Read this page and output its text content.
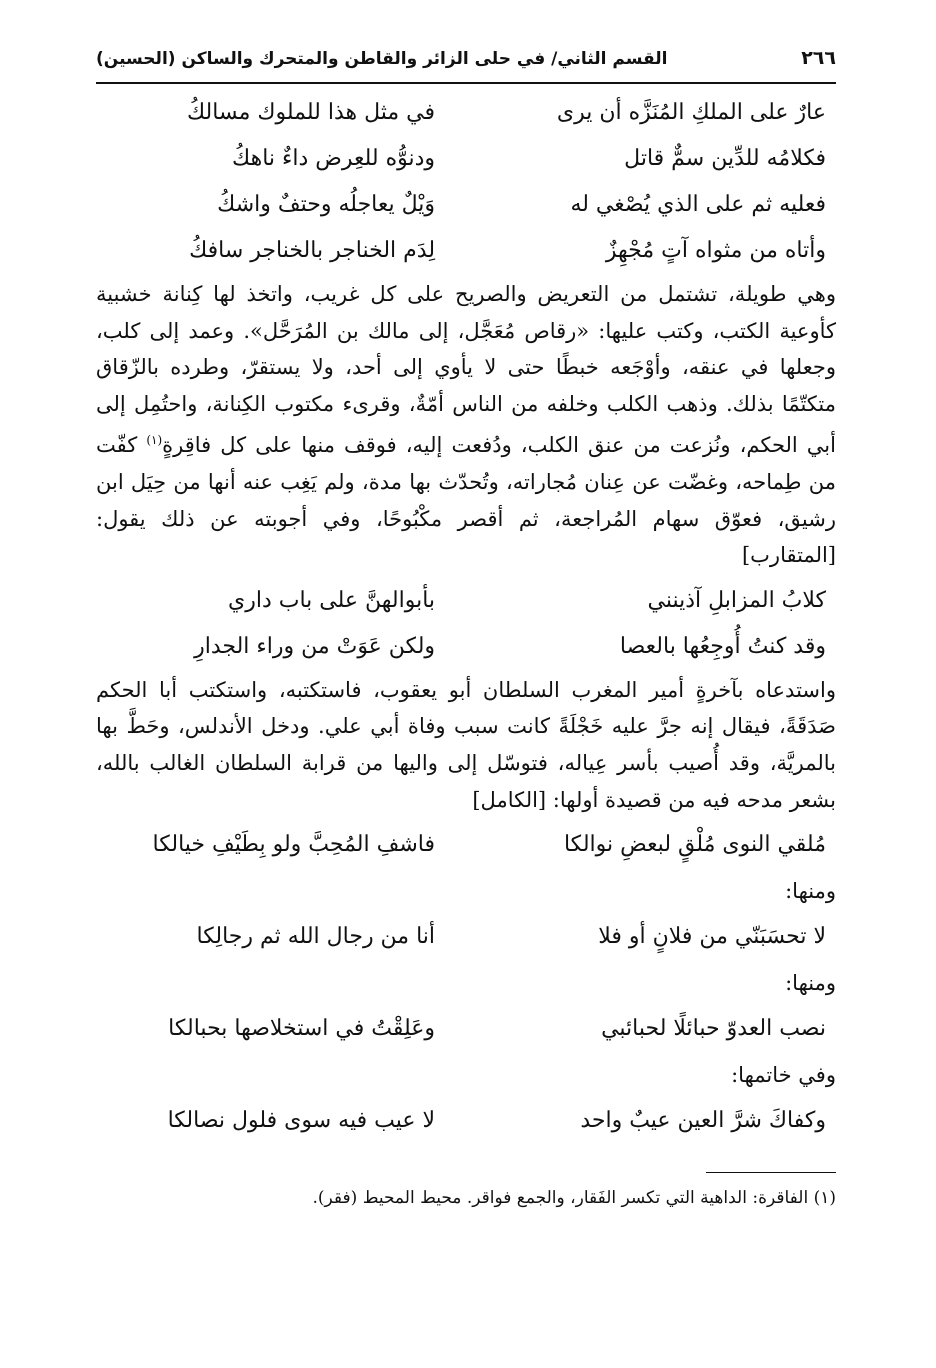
٢٦٦
القسم الثاني/ في حلى الزائر والقاطن والمتحرك والساكن (الحسين)
عارٌ على الملكِ المُنَزَّه أن يرى
في مثل هذا للملوك مسالكُ
فكلامُه للدِّين سمٌّ قاتل
ودنوُّه للعِرض داءٌ ناهكُ
فعليه ثم على الذي يُصْغي له
وَيْلٌ يعاجلُه وحتفٌ واشكُ
وأتاه من مثواه آتٍ مُجْهِزٌ
لِدَم الخناجر بالخناجر سافكُ

وهي طويلة، تشتمل من التعريض والصريح على كل غريب، واتخذ لها كِنانة خشبية كأوعية الكتب، وكتب عليها: «رقاص مُعَجَّل، إلى مالك بن المُرَحَّل». وعمد إلى كلب، وجعلها في عنقه، وأوْجَعه خبطًا حتى لا يأوي إلى أحد، ولا يستقرّ، وطرده بالزّقاق متكتّمًا بذلك. وذهب الكلب وخلفه من الناس أمّةٌ، وقرىء مكتوب الكِنانة، واحتُمِل إلى أبي الحكم، ونُزعت من عنق الكلب، ودُفعت إليه، فوقف منها على كل فاقِرةٍ$^{(١)}$ كفّت من طِماحه، وغضّت عن عِنان مُجاراته، وتُحدّث بها مدة، ولم يَغِب عنه أنها من حِيَل ابن رشيق، فعوّق سهام المُراجعة، ثم أقصر مكْبُوحًا، وفي أجوبته عن ذلك يقول: [المتقارب]

كلابُ المزابلِ آذينني
بأبوالهنَّ على باب داري
وقد كنتُ أُوجِعُها بالعصا
ولكن عَوَتْ من وراء الجدارِ

واستدعاه بآخرةٍ أمير المغرب السلطان أبو يعقوب، فاستكتبه، واستكتب أبا الحكم صَدَقَةً، فيقال إنه جرَّ عليه خَجْلَةً كانت سبب وفاة أبي علي. ودخل الأندلس، وحَطَّ بها بالمريَّة، وقد أُصيب بأسر عِياله، فتوسّل إلى واليها من قرابة السلطان الغالب بالله، بشعر مدحه فيه من قصيدة أولها: [الكامل]

مُلقي النوى مُلْقٍ لبعضِ نوالكا
فاشفِ المُحِبَّ ولو بِطَيْفِ خيالكا
ومنها:
لا تحسَبَنّي من فلانٍ أو فلا
أنا من رجال الله ثم رجالِكا
ومنها:
نصب العدوّ حبائلًا لحبائبي
وعَلِقْتُ في استخلاصها بحبالكا
وفي خاتمها:
وكفاكَ شرَّ العين عيبٌ واحد
لا عيب فيه سوى فلول نصالكا
(١) الفاقرة: الداهية التي تكسر الفَقار، والجمع فواقر. محيط المحيط (فقر).
